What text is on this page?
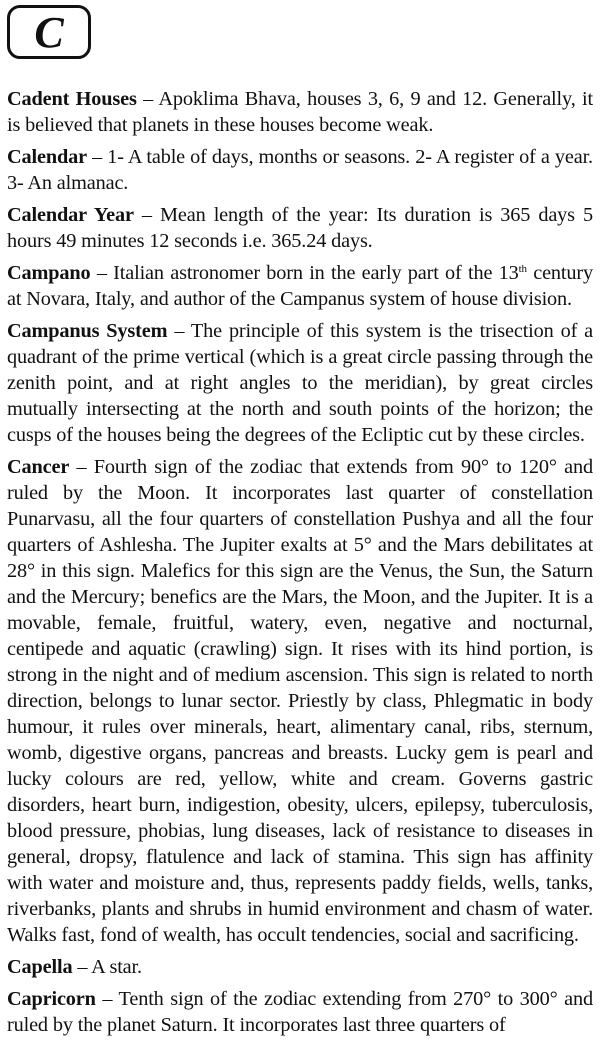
C

Cadent Houses – Apoklima Bhava, houses 3, 6, 9 and 12. Generally, it is believed that planets in these houses become weak.

Calendar – 1- A table of days, months or seasons. 2- A register of a year. 3- An almanac.

Calendar Year – Mean length of the year: Its duration is 365 days 5 hours 49 minutes 12 seconds i.e. 365.24 days.

Campano – Italian astronomer born in the early part of the 13th century at Novara, Italy, and author of the Campanus system of house division.

Campanus System – The principle of this system is the trisection of a quadrant of the prime vertical (which is a great circle passing through the zenith point, and at right angles to the meridian), by great circles mutually intersecting at the north and south points of the horizon; the cusps of the houses being the degrees of the Ecliptic cut by these circles.

Cancer – Fourth sign of the zodiac that extends from 90° to 120° and ruled by the Moon. It incorporates last quarter of constellation Punarvasu, all the four quarters of constellation Pushya and all the four quarters of Ashlesha. The Jupiter exalts at 5° and the Mars debilitates at 28° in this sign. Malefics for this sign are the Venus, the Sun, the Saturn and the Mercury; benefics are the Mars, the Moon, and the Jupiter. It is a movable, female, fruitful, watery, even, negative and nocturnal, centipede and aquatic (crawling) sign. It rises with its hind portion, is strong in the night and of medium ascension. This sign is related to north direction, belongs to lunar sector. Priestly by class, Phlegmatic in body humour, it rules over minerals, heart, alimentary canal, ribs, sternum, womb, digestive organs, pancreas and breasts. Lucky gem is pearl and lucky colours are red, yellow, white and cream. Governs gastric disorders, heart burn, indigestion, obesity, ulcers, epilepsy, tuberculosis, blood pressure, phobias, lung diseases, lack of resistance to diseases in general, dropsy, flatulence and lack of stamina. This sign has affinity with water and moisture and, thus, represents paddy fields, wells, tanks, riverbanks, plants and shrubs in humid environment and chasm of water. Walks fast, fond of wealth, has occult tendencies, social and sacrificing.

Capella – A star.

Capricorn – Tenth sign of the zodiac extending from 270° to 300° and ruled by the planet Saturn. It incorporates last three quarters of
